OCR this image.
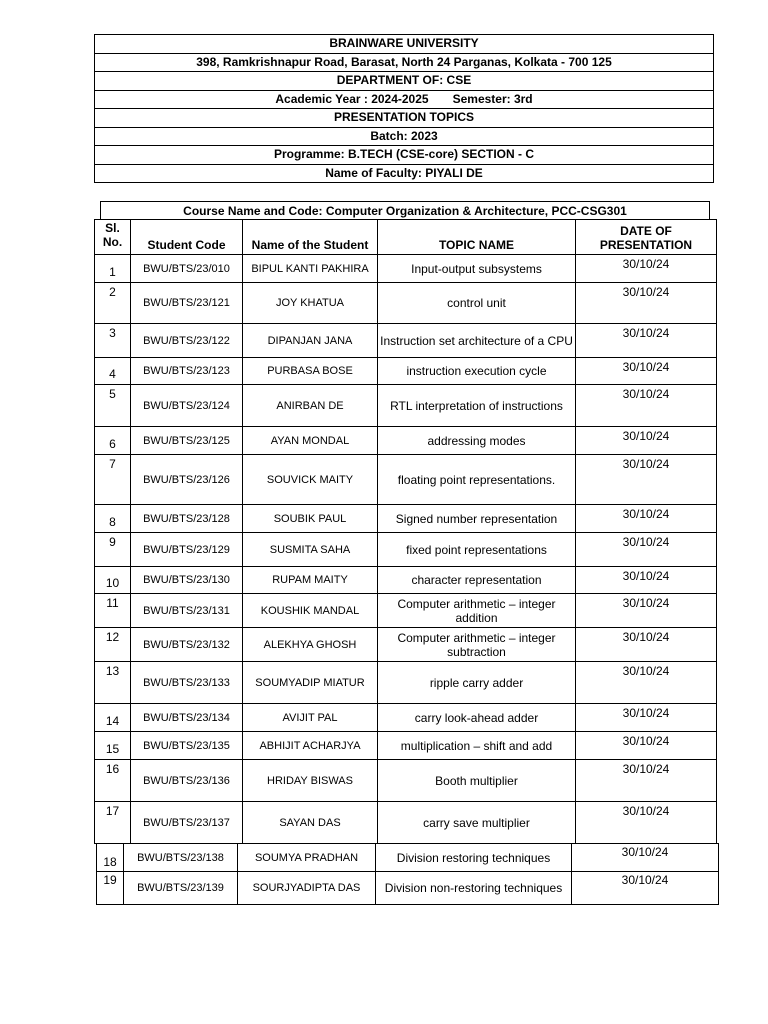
BRAINWARE UNIVERSITY
398, Ramkrishnapur Road, Barasat, North 24 Parganas, Kolkata - 700 125
DEPARTMENT OF: CSE
Academic Year : 2024-2025 Semester: 3rd
PRESENTATION TOPICS
Batch: 2023
Programme: B.TECH (CSE-core) SECTION - C
Name of Faculty: PIYALI DE
Course Name and Code: Computer Organization & Architecture, PCC-CSG301
Sl. No.	Student Code	Name of the Student	TOPIC NAME	DATE OF PRESENTATION
1	BWU/BTS/23/010	BIPUL KANTI PAKHIRA	Input-output subsystems	30/10/24
2	BWU/BTS/23/121	JOY KHATUA	control unit	30/10/24
3	BWU/BTS/23/122	DIPANJAN JANA	Instruction set architecture of a CPU	30/10/24
4	BWU/BTS/23/123	PURBASA BOSE	instruction execution cycle	30/10/24
5	BWU/BTS/23/124	ANIRBAN DE	RTL interpretation of instructions	30/10/24
6	BWU/BTS/23/125	AYAN MONDAL	addressing modes	30/10/24
7	BWU/BTS/23/126	SOUVICK MAITY	floating point representations.	30/10/24
8	BWU/BTS/23/128	SOUBIK PAUL	Signed number representation	30/10/24
9	BWU/BTS/23/129	SUSMITA SAHA	fixed point representations	30/10/24
10	BWU/BTS/23/130	RUPAM MAITY	character representation	30/10/24
11	BWU/BTS/23/131	KOUSHIK MANDAL	Computer arithmetic – integer addition	30/10/24
12	BWU/BTS/23/132	ALEKHYA GHOSH	Computer arithmetic – integer subtraction	30/10/24
13	BWU/BTS/23/133	SOUMYADIP MIATUR	ripple carry adder	30/10/24
14	BWU/BTS/23/134	AVIJIT PAL	carry look-ahead adder	30/10/24
15	BWU/BTS/23/135	ABHIJIT ACHARJYA	multiplication – shift and add	30/10/24
16	BWU/BTS/23/136	HRIDAY BISWAS	Booth multiplier	30/10/24
17	BWU/BTS/23/137	SAYAN DAS	carry save multiplier	30/10/24
18	BWU/BTS/23/138	SOUMYA PRADHAN	Division restoring techniques	30/10/24
19	BWU/BTS/23/139	SOURJYADIPTA DAS	Division non-restoring techniques	30/10/24
